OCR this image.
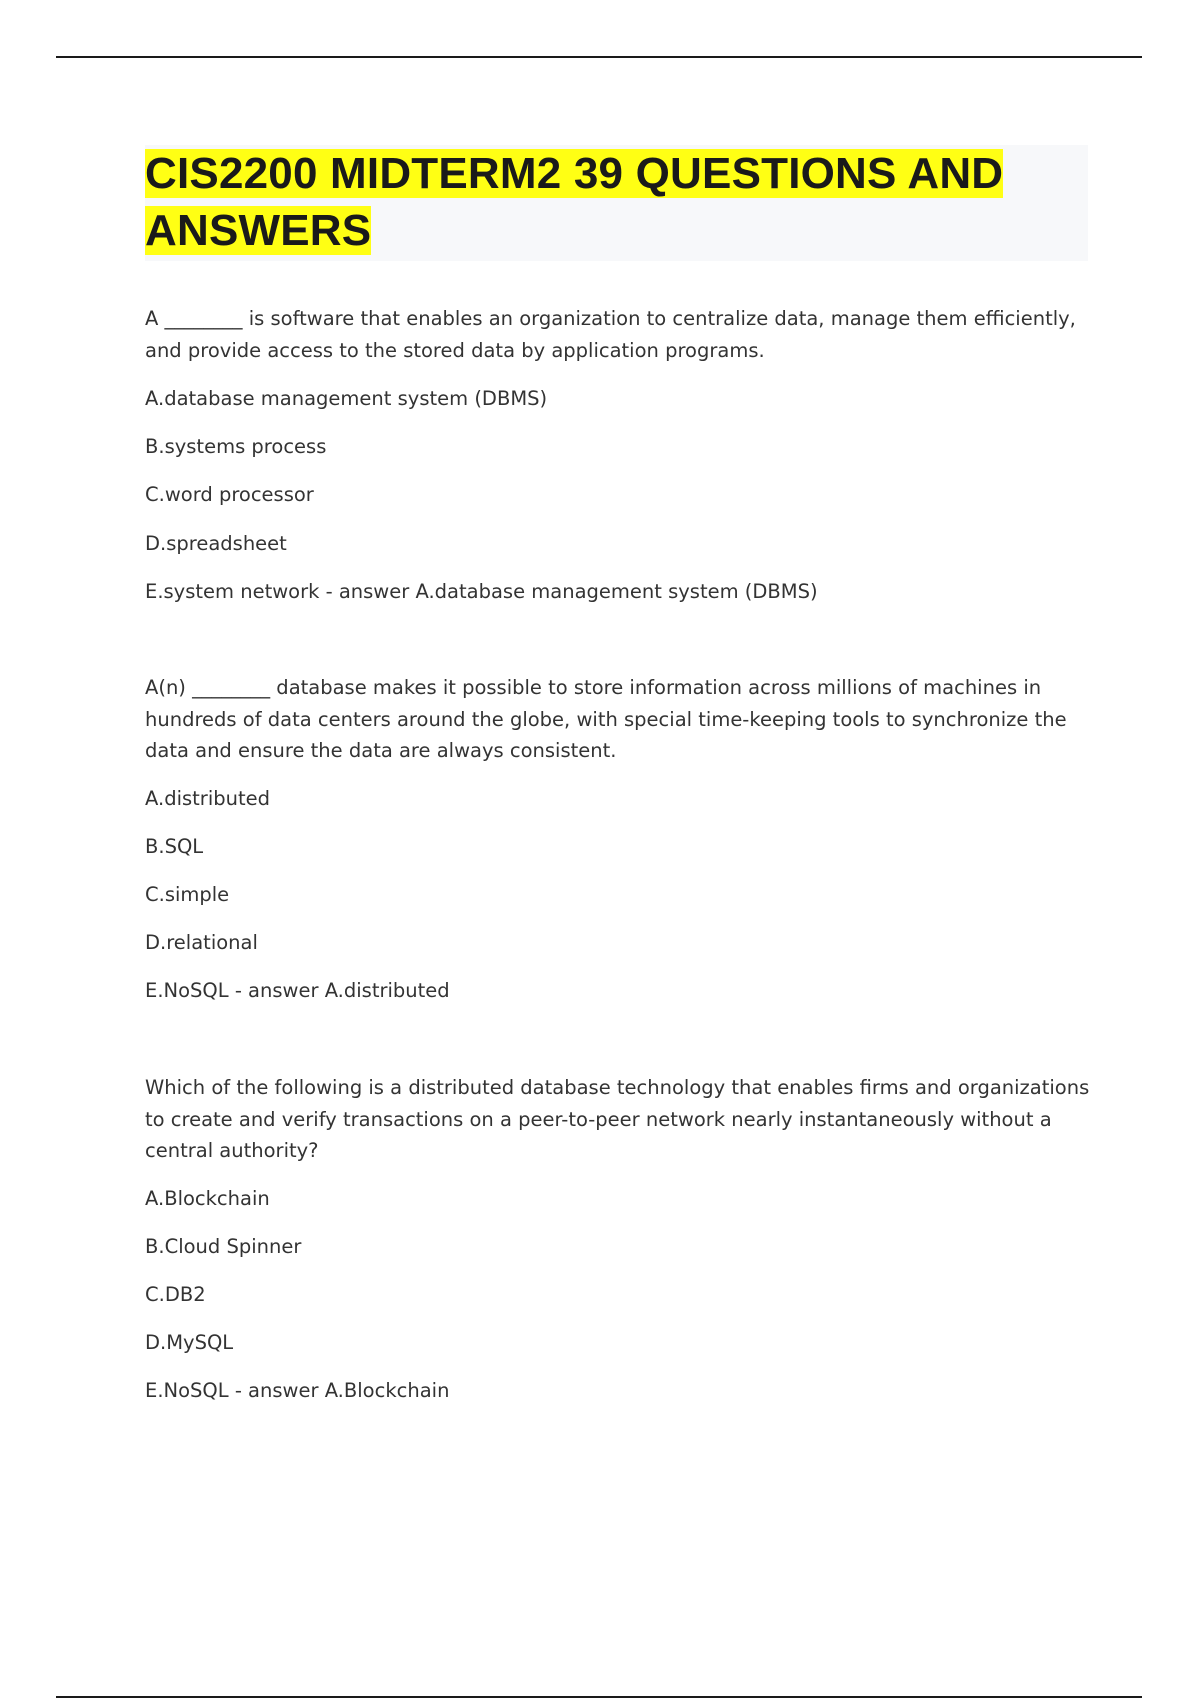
CIS2200 MIDTERM2 39 QUESTIONS AND ANSWERS

A ________ is software that enables an organization to centralize data, manage them efficiently, and provide access to the stored data by application programs.

A.database management system (DBMS)

B.systems process

C.word processor

D.spreadsheet

E.system network - answer A.database management system (DBMS)

A(n) ________ database makes it possible to store information across millions of machines in hundreds of data centers around the globe, with special time-keeping tools to synchronize the data and ensure the data are always consistent.

A.distributed

B.SQL

C.simple

D.relational

E.NoSQL - answer A.distributed

Which of the following is a distributed database technology that enables firms and organizations to create and verify transactions on a peer-to-peer network nearly instantaneously without a central authority?

A.Blockchain

B.Cloud Spinner

C.DB2

D.MySQL

E.NoSQL - answer A.Blockchain
